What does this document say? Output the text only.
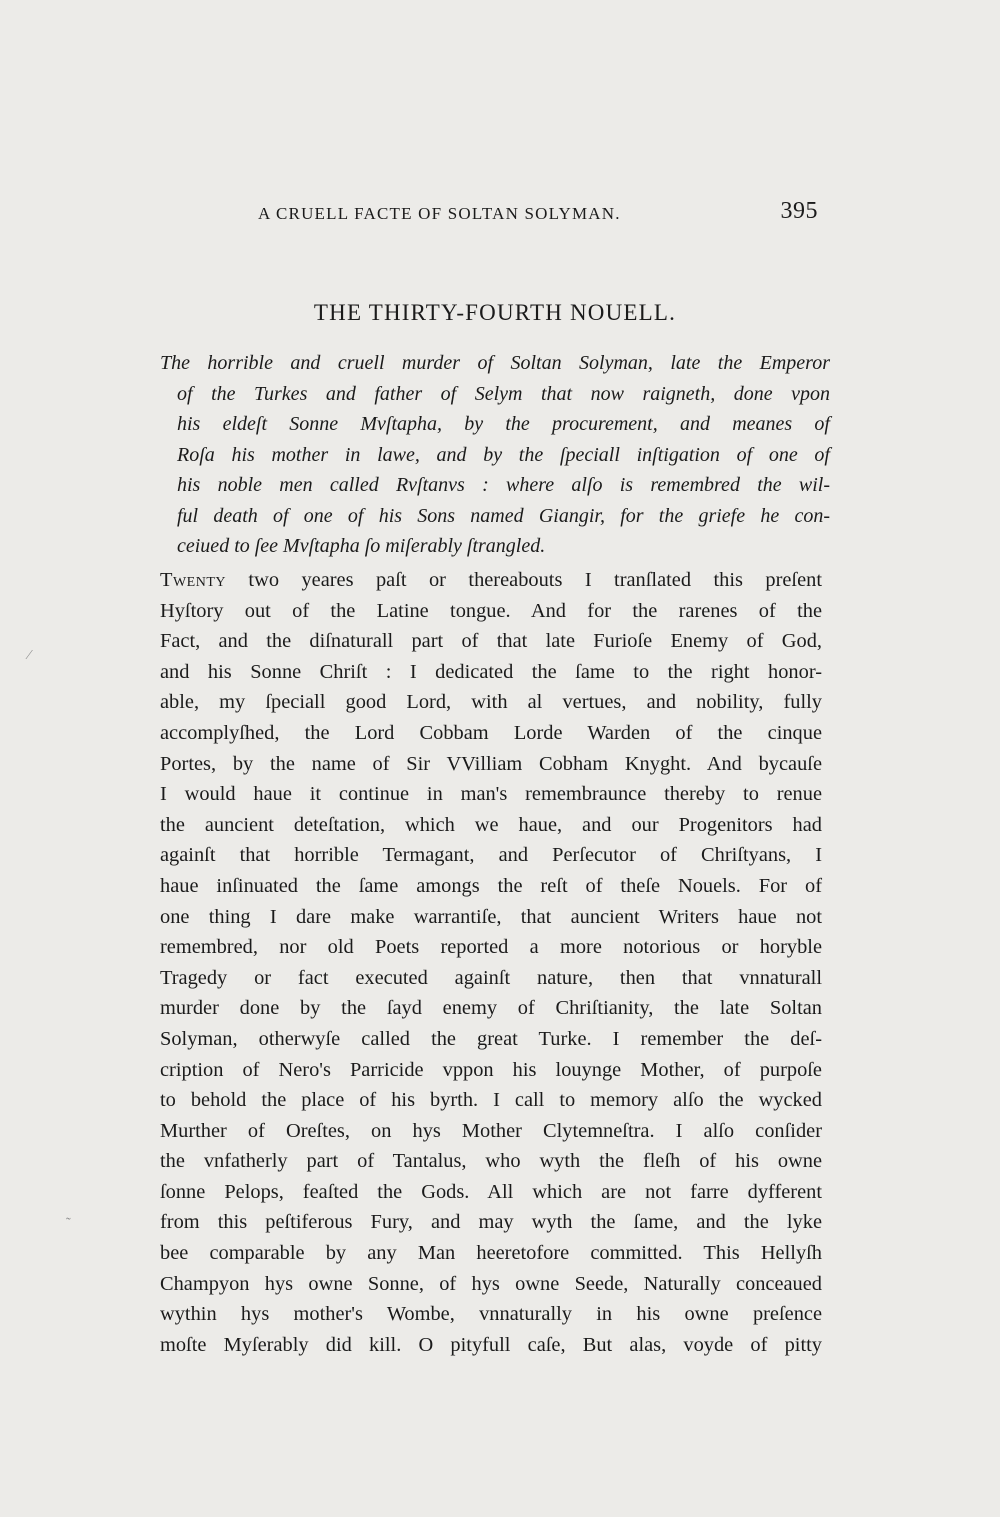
A CRUELL FACTE OF SOLTAN SOLYMAN.	395
THE THIRTY-FOURTH NOUELL.
The horrible and cruell murder of Soltan Solyman, late the Emperor
of the Turkes and father of Selym that now raigneth, done vpon
his eldeſt Sonne Mvſtapha, by the procurement, and meanes of
Roſa his mother in lawe, and by the ſpeciall inſtigation of one of
his noble men called Rvſtanvs : where alſo is remembred the wil-
ful death of one of his Sons named Giangir, for the griefe he con-
ceiued to ſee Mvſtapha ſo miſerably ſtrangled.
Twenty two yeares paſt or thereabouts I tranſlated this preſent
Hyſtory out of the Latine tongue. And for the rarenes of the
Fact, and the diſnaturall part of that late Furioſe Enemy of God,
and his Sonne Chriſt : I dedicated the ſame to the right honor-
able, my ſpeciall good Lord, with al vertues, and nobility, fully
accomplyſhed, the Lord Cobbam Lorde Warden of the cinque
Portes, by the name of Sir VVilliam Cobham Knyght. And bycauſe
I would haue it continue in man's remembraunce thereby to renue
the auncient deteſtation, which we haue, and our Progenitors had
againſt that horrible Termagant, and Perſecutor of Chriſtyans, I
haue inſinuated the ſame amongs the reſt of theſe Nouels. For of
one thing I dare make warrantiſe, that auncient Writers haue not
remembred, nor old Poets reported a more notorious or horyble
Tragedy or fact executed againſt nature, then that vnnaturall
murder done by the ſayd enemy of Chriſtianity, the late Soltan
Solyman, otherwyſe called the great Turke. I remember the deſ-
cription of Nero's Parricide vppon his louynge Mother, of purpoſe
to behold the place of his byrth. I call to memory alſo the wycked
Murther of Oreſtes, on hys Mother Clytemneſtra. I alſo conſider
the vnfatherly part of Tantalus, who wyth the fleſh of his owne
ſonne Pelops, feaſted the Gods. All which are not farre dyfferent
from this peſtiferous Fury, and may wyth the ſame, and the lyke
bee comparable by any Man heeretofore committed. This Hellyſh
Champyon hys owne Sonne, of hys owne Seede, Naturally conceaued
wythin hys mother's Wombe, vnnaturally in his owne preſence
moſte Myſerably did kill. O pityfull caſe, But alas, voyde of pitty
⁄
˜
